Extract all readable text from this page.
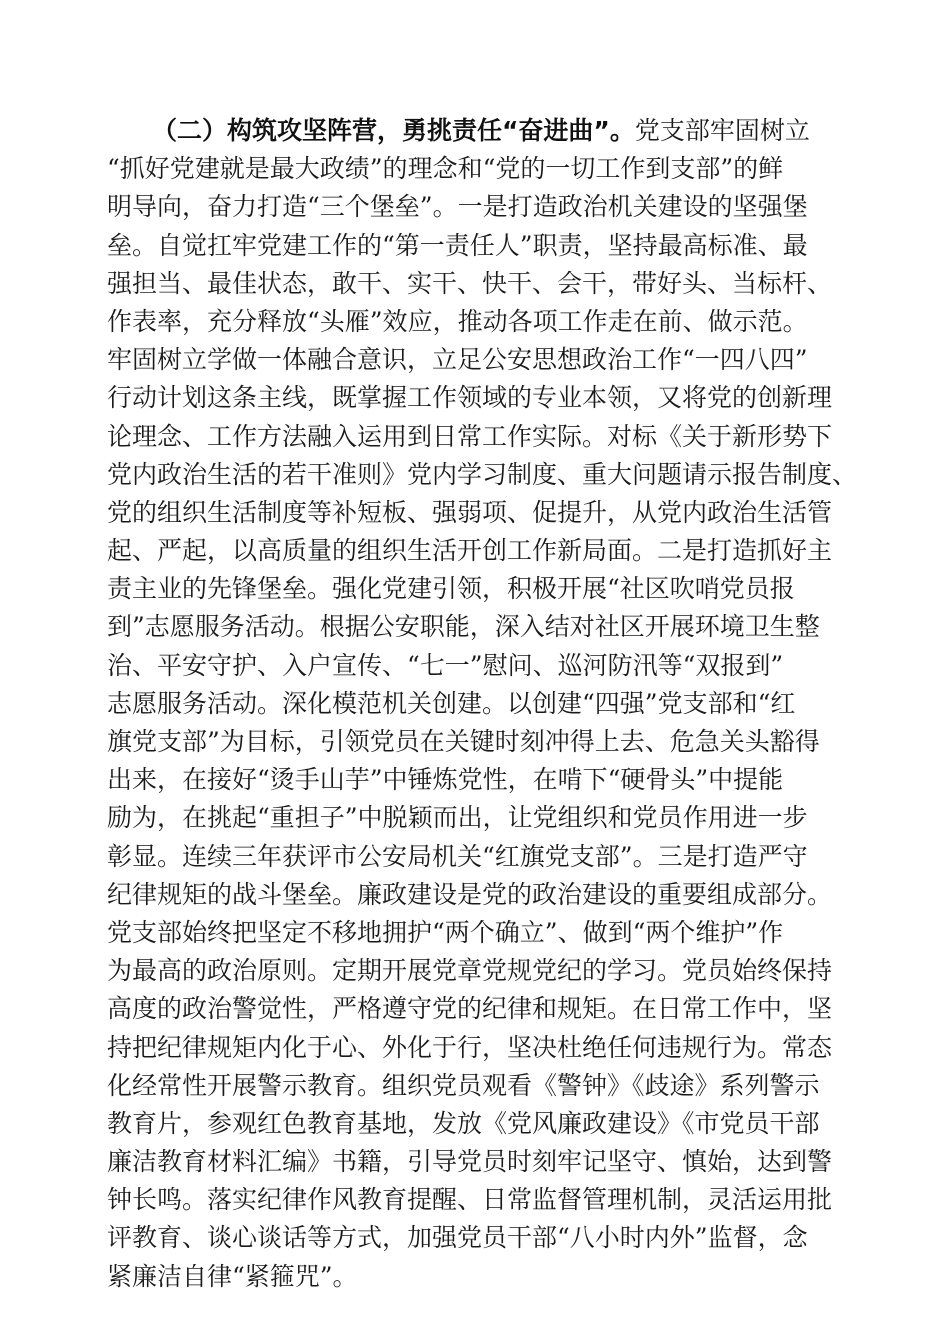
（二）构筑攻坚阵营，勇挑责任“奋进曲”。党支部牢固树立
“抓好党建就是最大政绩”的理念和“党的一切工作到支部”的鲜
明导向，奋力打造“三个堡垒”。一是打造政治机关建设的坚强堡
垒。自觉扛牢党建工作的“第一责任人”职责，坚持最高标准、最
强担当、最佳状态，敢干、实干、快干、会干，带好头、当标杆、
作表率，充分释放“头雁”效应，推动各项工作走在前、做示范。
牢固树立学做一体融合意识，立足公安思想政治工作“一四八四”
行动计划这条主线，既掌握工作领域的专业本领，又将党的创新理
论理念、工作方法融入运用到日常工作实际。对标《关于新形势下
党内政治生活的若干准则》党内学习制度、重大问题请示报告制度、
党的组织生活制度等补短板、强弱项、促提升，从党内政治生活管
起、严起，以高质量的组织生活开创工作新局面。二是打造抓好主
责主业的先锋堡垒。强化党建引领，积极开展“社区吹哨党员报
到”志愿服务活动。根据公安职能，深入结对社区开展环境卫生整
治、平安守护、入户宣传、“七一”慰问、巡河防汛等“双报到”
志愿服务活动。深化模范机关创建。以创建“四强”党支部和“红
旗党支部”为目标，引领党员在关键时刻冲得上去、危急关头豁得
出来，在接好“烫手山芋”中锤炼党性，在啃下“硬骨头”中提能
励为，在挑起“重担子”中脱颖而出，让党组织和党员作用进一步
彰显。连续三年获评市公安局机关“红旗党支部”。三是打造严守
纪律规矩的战斗堡垒。廉政建设是党的政治建设的重要组成部分。
党支部始终把坚定不移地拥护“两个确立”、做到“两个维护”作
为最高的政治原则。定期开展党章党规党纪的学习。党员始终保持
高度的政治警觉性，严格遵守党的纪律和规矩。在日常工作中，坚
持把纪律规矩内化于心、外化于行，坚决杜绝任何违规行为。常态
化经常性开展警示教育。组织党员观看《警钟》《歧途》系列警示
教育片，参观红色教育基地，发放《党风廉政建设》《市党员干部
廉洁教育材料汇编》书籍，引导党员时刻牢记坚守、慎始，达到警
钟长鸣。落实纪律作风教育提醒、日常监督管理机制，灵活运用批
评教育、谈心谈话等方式，加强党员干部“八小时内外”监督，念
紧廉洁自律“紧箍咒”。
